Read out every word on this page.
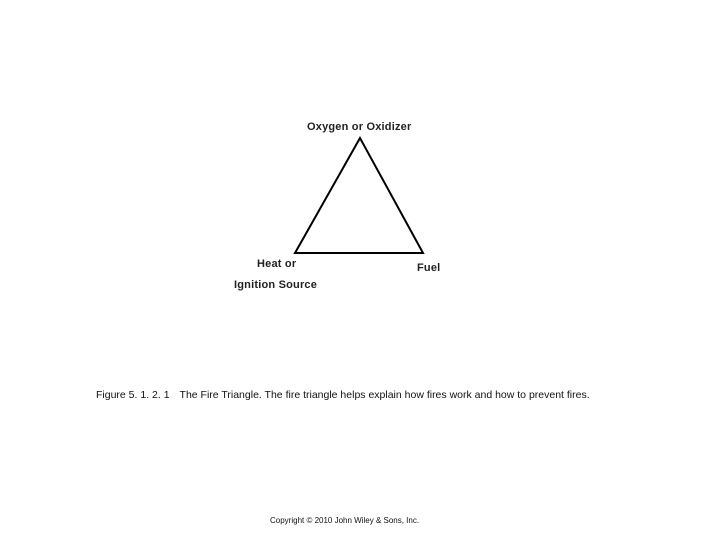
Oxygen or Oxidizer
Heat or
Ignition Source
Fuel
Figure 5. 1. 2. 1 The Fire Triangle. The fire triangle helps explain how fires work and how to prevent fires.
Copyright © 2010 John Wiley & Sons, Inc.
